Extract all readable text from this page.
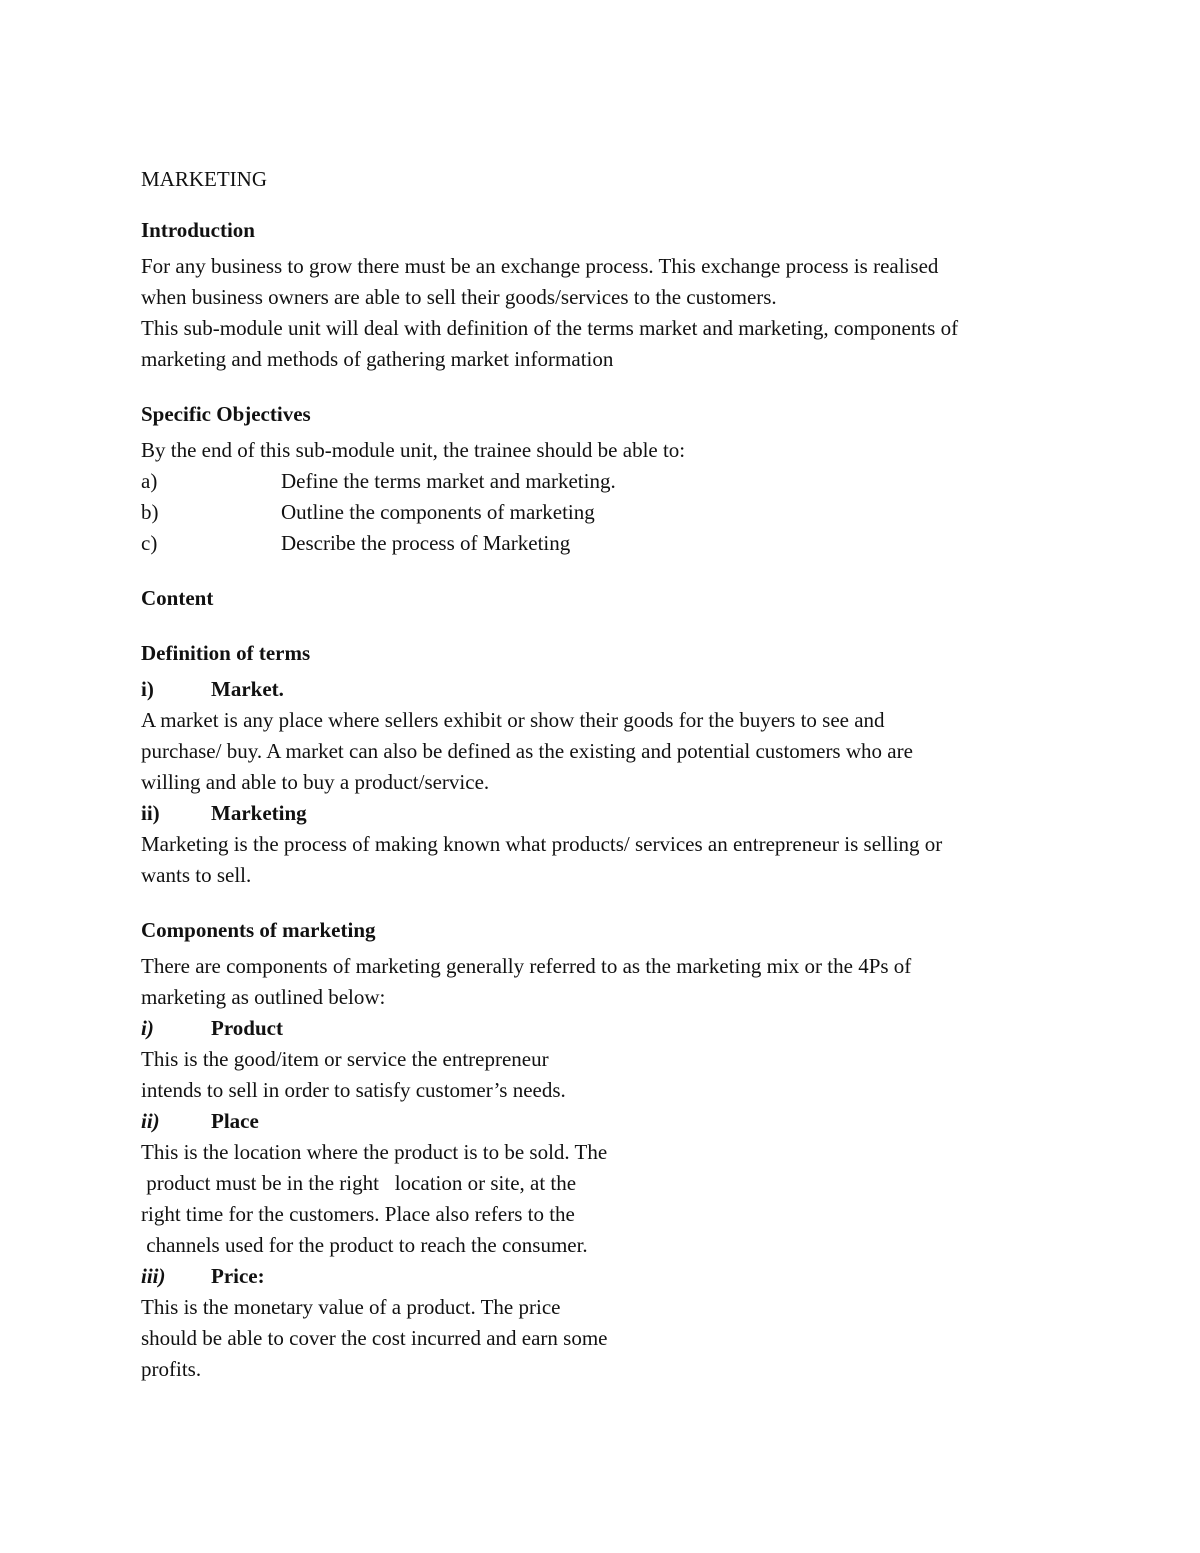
MARKETING

Introduction

For any business to grow there must be an exchange process. This exchange process is realised

when business owners are able to sell their goods/services to the customers.

This sub-module unit will deal with definition of the terms market and marketing, components of

marketing and methods of gathering market information

Specific Objectives

By the end of this sub-module unit, the trainee should be able to:

a)	Define the terms market and marketing.
b)	Outline the components of marketing
c)	Describe the process of Marketing

Content

Definition of terms

i)	Market.

A market is any place where sellers exhibit or show their goods for the buyers to see and

purchase/ buy. A market can also be defined as the existing and potential customers who are

willing and able to buy a product/service.

ii)	Marketing

Marketing is the process of making known what products/ services an entrepreneur is selling or

wants to sell.

Components of marketing

There are components of marketing generally referred to as the marketing mix or the 4Ps of

marketing as outlined below:

i)	Product

This is the good/item or service the entrepreneur

intends to sell in order to satisfy customer’s needs.

ii)	Place

This is the location where the product is to be sold. The

product must be in the right   location or site, at the

right time for the customers. Place also refers to the

channels used for the product to reach the consumer.

iii)	Price:

This is the monetary value of a product. The price

should be able to cover the cost incurred and earn some

profits.
